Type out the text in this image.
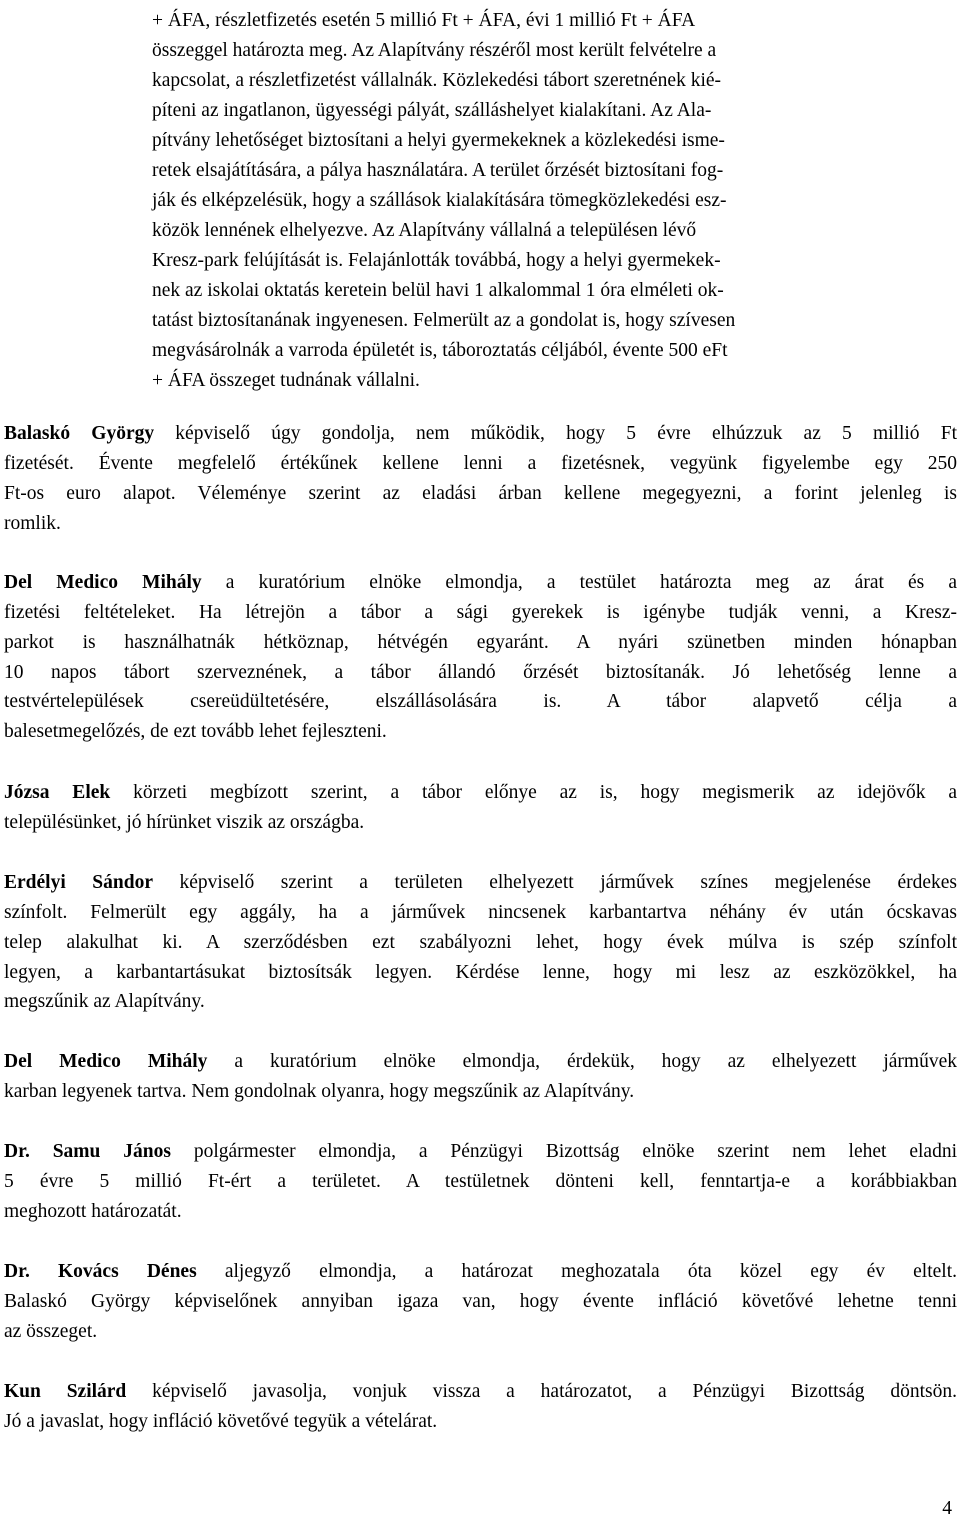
+ ÁFA, részletfizetés esetén 5 millió Ft + ÁFA, évi 1 millió Ft + ÁFA
összeggel határozta meg. Az Alapítvány részéről most került felvételre a
kapcsolat, a részletfizetést vállalnák. Közlekedési tábort szeretnének kié-
píteni az ingatlanon, ügyességi pályát, szálláshelyet kialakítani. Az Ala-
pítvány lehetőséget biztosítani a helyi gyermekeknek a közlekedési isme-
retek elsajátítására, a pálya használatára. A terület őrzését biztosítani fog-
ják és elképzelésük, hogy a szállások kialakítására tömegközlekedési esz-
közök lennének elhelyezve. Az Alapítvány vállalná a településen lévő
Kresz-park felújítását is. Felajánlották továbbá, hogy a helyi gyermekek-
nek az iskolai oktatás keretein belül havi 1 alkalommal 1 óra elméleti ok-
tatást biztosítanának ingyenesen. Felmerült az a gondolat is, hogy szívesen
megvásárolnák a varroda épületét is, táboroztatás céljából, évente 500 eFt
+ ÁFA összeget tudnának vállalni.
Balaskó György képviselő úgy gondolja, nem működik, hogy 5 évre elhúzzuk az 5 millió Ft
fizetését. Évente megfelelő értékűnek kellene lenni a fizetésnek, vegyünk figyelembe egy 250
Ft-os euro alapot. Véleménye szerint az eladási árban kellene megegyezni, a forint jelenleg is
romlik.
Del Medico Mihály a kuratórium elnöke elmondja, a testület határozta meg az árat és a
fizetési feltételeket. Ha létrejön a tábor a sági gyerekek is igénybe tudják venni, a Kresz-
parkot is használhatnák hétköznap, hétvégén egyaránt. A nyári szünetben minden hónapban
10 napos tábort szerveznének, a tábor állandó őrzését biztosítanák. Jó lehetőség lenne a
testvértelepülések cserеüdültetésérе, elszállásolására is. A tábor alapvető célja a
balesetmegelőzés, de ezt tovább lehet fejleszteni.
Józsa Elek körzeti megbízott szerint, a tábor előnye az is, hogy megismerik az idejövők a
településünket, jó hírünket viszik az országba.
Erdélyi Sándor képviselő szerint a területen elhelyezett járművek színes megjelenése érdekes
színfolt. Felmerült egy aggály, ha a járművek nincsenek karbantartva néhány év után ócskavas
telep alakulhat ki. A szerződésben ezt szabályozni lehet, hogy évek múlva is szép színfolt
legyen, a karbantartásukat biztosítsák legyen. Kérdése lenne, hogy mi lesz az eszközökkel, ha
megszűnik az Alapítvány.
Del Medico Mihály a kuratórium elnöke elmondja, érdekük, hogy az elhelyezett járművek
karban legyenek tartva. Nem gondolnak olyanra, hogy megszűnik az Alapítvány.
Dr. Samu János polgármester elmondja, a Pénzügyi Bizottság elnöke szerint nem lehet eladni
5 évre 5 millió Ft-ért a területet. A testületnek dönteni kell, fenntartja-e a korábbiakban
meghozott határozatát.
Dr. Kovács Dénes aljegyző elmondja, a határozat meghozatala óta közel egy év eltelt.
Balaskó György képviselőnek annyiban igaza van, hogy évente infláció követővé lehetne tenni
az összeget.
Kun Szilárd képviselő javasolja, vonjuk vissza a határozatot, a Pénzügyi Bizottság döntsön.
Jó a javaslat, hogy infláció követővé tegyük a vételárat.
4
